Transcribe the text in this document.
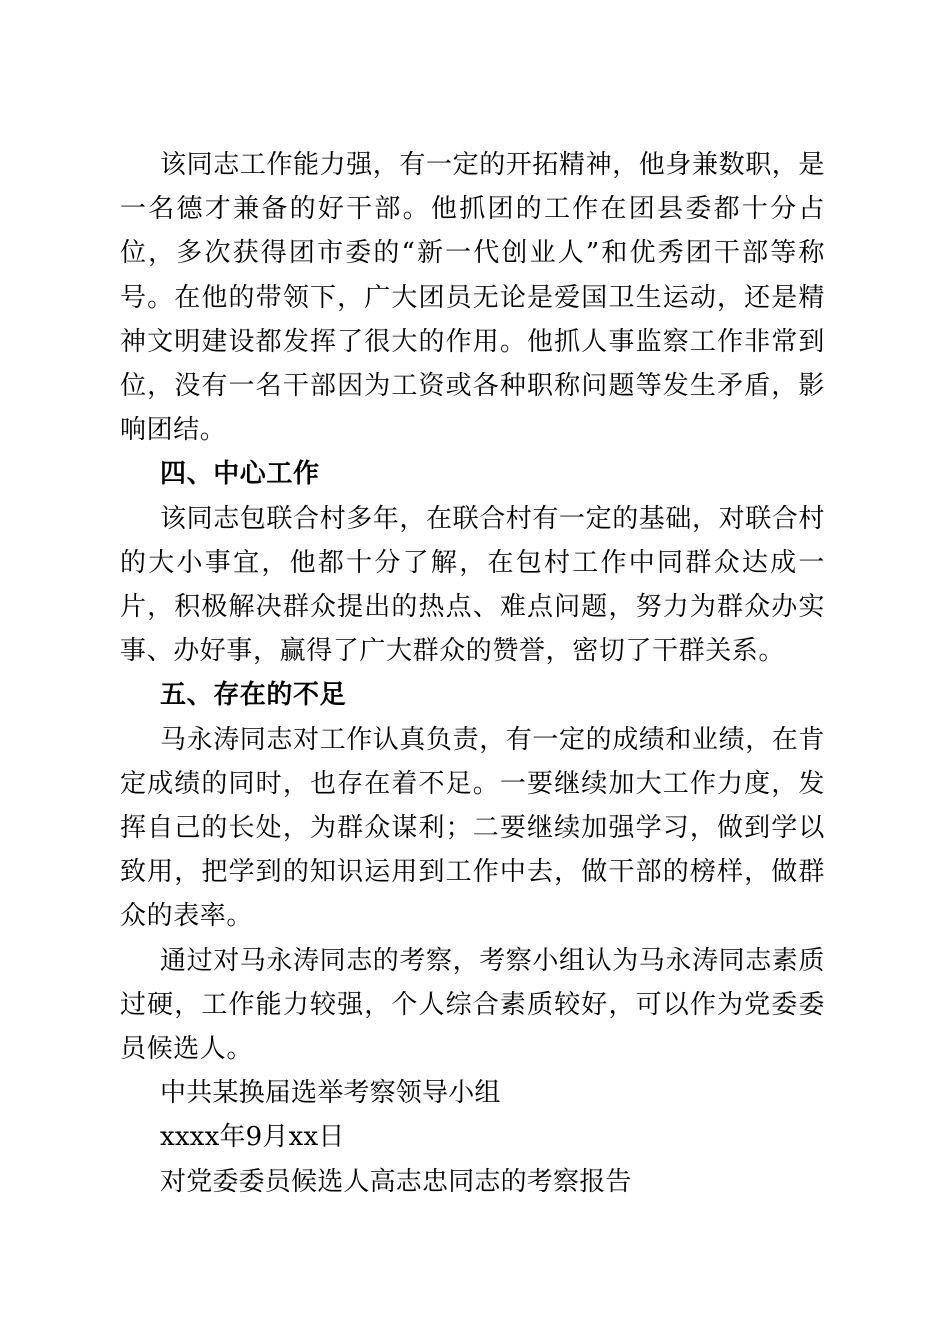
该同志工作能力强，有一定的开拓精神，他身兼数职，是一名德才兼备的好干部。他抓团的工作在团县委都十分占位，多次获得团市委的“新一代创业人”和优秀团干部等称号。在他的带领下，广大团员无论是爱国卫生运动，还是精神文明建设都发挥了很大的作用。他抓人事监察工作非常到位，没有一名干部因为工资或各种职称问题等发生矛盾，影响团结。

四、中心工作

该同志包联合村多年，在联合村有一定的基础，对联合村的大小事宜，他都十分了解，在包村工作中同群众达成一片，积极解决群众提出的热点、难点问题，努力为群众办实事、办好事，赢得了广大群众的赞誉，密切了干群关系。

五、存在的不足

马永涛同志对工作认真负责，有一定的成绩和业绩，在肯定成绩的同时，也存在着不足。一要继续加大工作力度，发挥自己的长处，为群众谋利；二要继续加强学习，做到学以致用，把学到的知识运用到工作中去，做干部的榜样，做群众的表率。

通过对马永涛同志的考察，考察小组认为马永涛同志素质过硬，工作能力较强，个人综合素质较好，可以作为党委委员候选人。

中共某换届选举考察领导小组

xxxx年9月xx日

对党委委员候选人高志忠同志的考察报告
